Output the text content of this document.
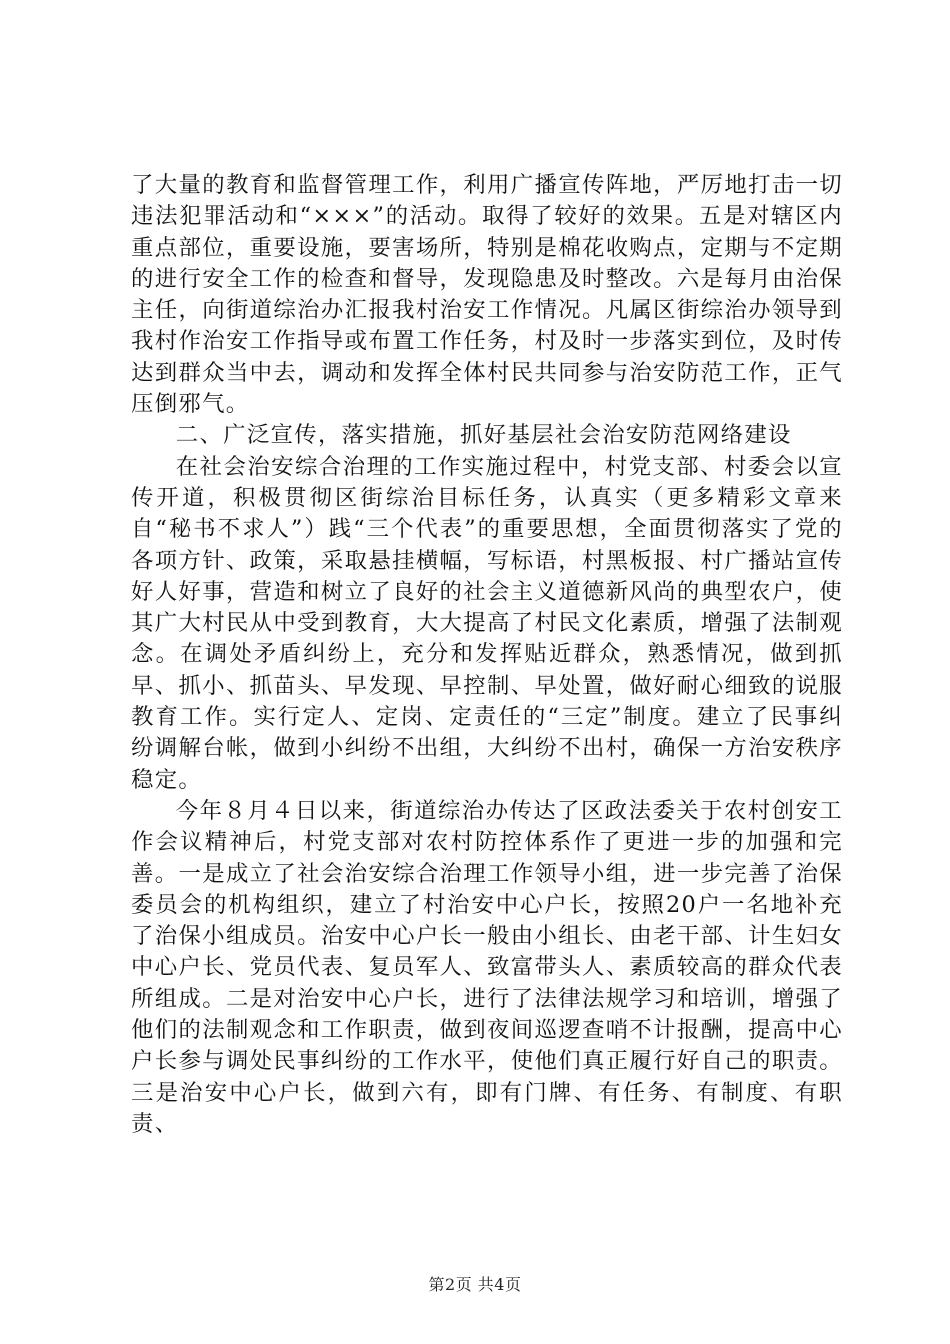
了大量的教育和监督管理工作，利用广播宣传阵地，严厉地打击一切违法犯罪活动和“×××”的活动。取得了较好的效果。五是对辖区内重点部位，重要设施，要害场所，特别是棉花收购点，定期与不定期的进行安全工作的检查和督导，发现隐患及时整改。六是每月由治保主任，向街道综治办汇报我村治安工作情况。凡属区街综治办领导到我村作治安工作指导或布置工作任务，村及时一步落实到位，及时传达到群众当中去，调动和发挥全体村民共同参与治安防范工作，正气压倒邪气。

二、广泛宣传，落实措施，抓好基层社会治安防范网络建设

在社会治安综合治理的工作实施过程中，村党支部、村委会以宣传开道，积极贯彻区街综治目标任务，认真实（更多精彩文章来自“秘书不求人”）践“三个代表”的重要思想，全面贯彻落实了党的各项方针、政策，采取悬挂横幅，写标语，村黑板报、村广播站宣传好人好事，营造和树立了良好的社会主义道德新风尚的典型农户，使其广大村民从中受到教育，大大提高了村民文化素质，增强了法制观念。在调处矛盾纠纷上，充分和发挥贴近群众，熟悉情况，做到抓早、抓小、抓苗头、早发现、早控制、早处置，做好耐心细致的说服教育工作。实行定人、定岗、定责任的“三定”制度。建立了民事纠纷调解台帐，做到小纠纷不出组，大纠纷不出村，确保一方治安秩序稳定。

今年８月４日以来，街道综治办传达了区政法委关于农村创安工作会议精神后，村党支部对农村防控体系作了更进一步的加强和完善。一是成立了社会治安综合治理工作领导小组，进一步完善了治保委员会的机构组织，建立了村治安中心户长，按照20户一名地补充了治保小组成员。治安中心户长一般由小组长、由老干部、计生妇女中心户长、党员代表、复员军人、致富带头人、素质较高的群众代表所组成。二是对治安中心户长，进行了法律法规学习和培训，增强了他们的法制观念和工作职责，做到夜间巡逻查哨不计报酬，提高中心户长参与调处民事纠纷的工作水平，使他们真正履行好自己的职责。三是治安中心户长，做到六有，即有门牌、有任务、有制度、有职责、

第2页 共4页
